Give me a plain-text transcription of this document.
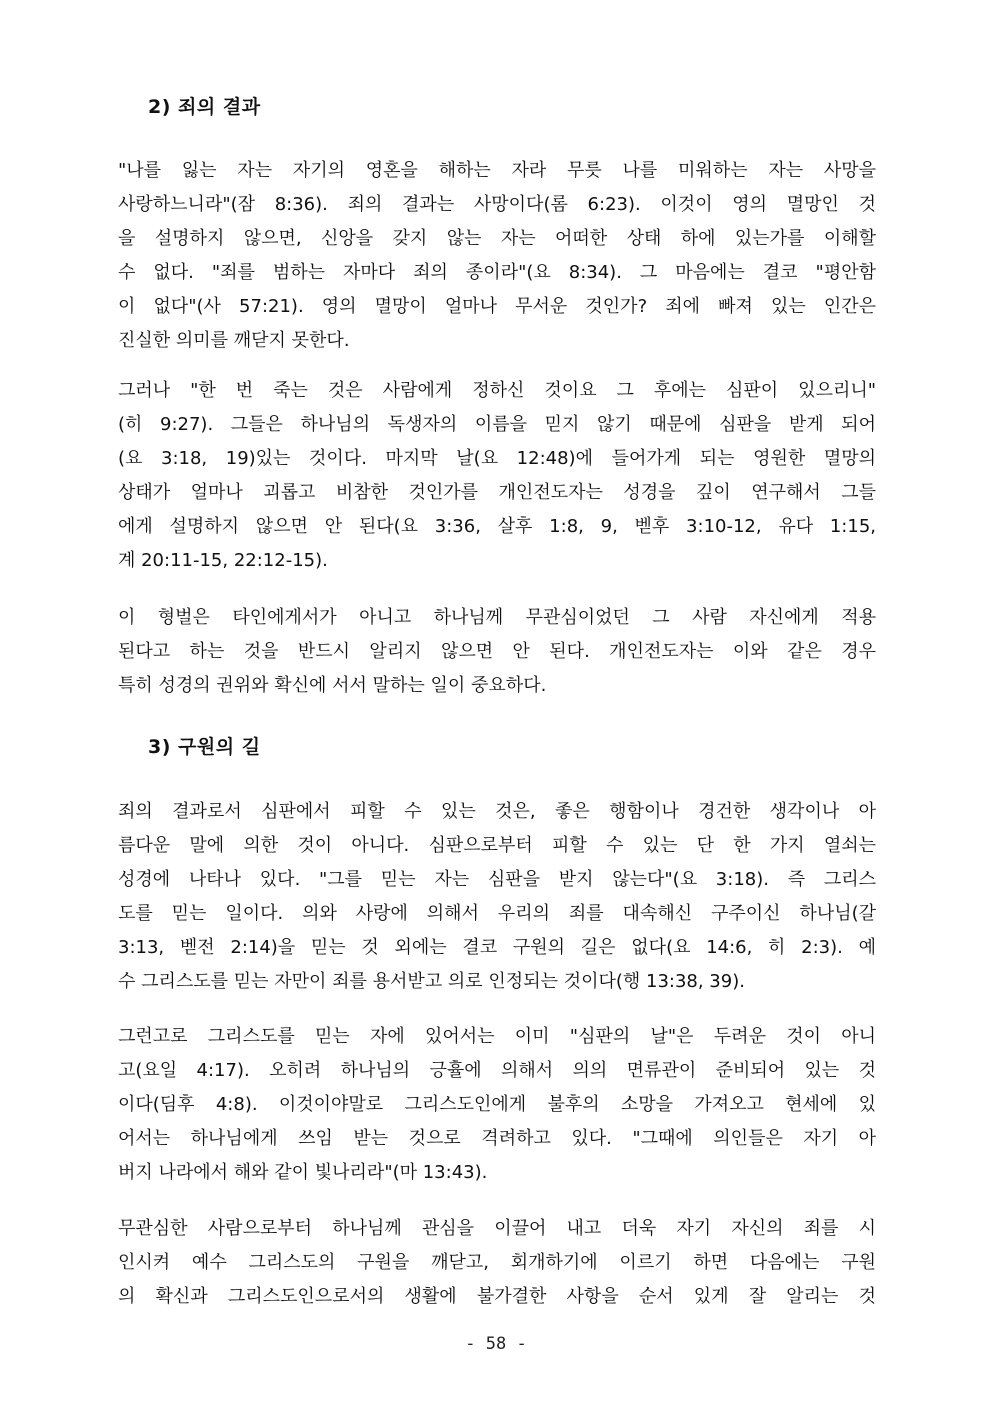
2) 죄의 결과
"나를 잃는 자는 자기의 영혼을 해하는 자라 무릇 나를 미워하는 자는 사망을
사랑하느니라"(잠 8:36). 죄의 결과는 사망이다(롬 6:23). 이것이 영의 멸망인 것
을 설명하지 않으면, 신앙을 갖지 않는 자는 어떠한 상태 하에 있는가를 이해할
수 없다. "죄를 범하는 자마다 죄의 종이라"(요 8:34). 그 마음에는 결코 "평안함
이 없다"(사 57:21). 영의 멸망이 얼마나 무서운 것인가? 죄에 빠져 있는 인간은
진실한 의미를 깨닫지 못한다.
그러나 "한 번 죽는 것은 사람에게 정하신 것이요 그 후에는 심판이 있으리니"
(히 9:27). 그들은 하나님의 독생자의 이름을 믿지 않기 때문에 심판을 받게 되어
(요 3:18, 19)있는 것이다. 마지막 날(요 12:48)에 들어가게 되는 영원한 멸망의
상태가 얼마나 괴롭고 비참한 것인가를 개인전도자는 성경을 깊이 연구해서 그들
에게 설명하지 않으면 안 된다(요 3:36, 살후 1:8, 9, 벧후 3:10-12, 유다 1:15,
계 20:11-15, 22:12-15).
이 형벌은 타인에게서가 아니고 하나님께 무관심이었던 그 사람 자신에게 적용
된다고 하는 것을 반드시 알리지 않으면 안 된다. 개인전도자는 이와 같은 경우
특히 성경의 권위와 확신에 서서 말하는 일이 중요하다.
3) 구원의 길
죄의 결과로서 심판에서 피할 수 있는 것은, 좋은 행함이나 경건한 생각이나 아
름다운 말에 의한 것이 아니다. 심판으로부터 피할 수 있는 단 한 가지 열쇠는
성경에 나타나 있다. "그를 믿는 자는 심판을 받지 않는다"(요 3:18). 즉 그리스
도를 믿는 일이다. 의와 사랑에 의해서 우리의 죄를 대속해신 구주이신 하나님(갈
3:13, 벧전 2:14)을 믿는 것 외에는 결코 구원의 길은 없다(요 14:6, 히 2:3). 예
수 그리스도를 믿는 자만이 죄를 용서받고 의로 인정되는 것이다(행 13:38, 39).
그런고로 그리스도를 믿는 자에 있어서는 이미 "심판의 날"은 두려운 것이 아니
고(요일 4:17). 오히려 하나님의 긍휼에 의해서 의의 면류관이 준비되어 있는 것
이다(딤후 4:8). 이것이야말로 그리스도인에게 불후의 소망을 가져오고 현세에 있
어서는 하나님에게 쓰임 받는 것으로 격려하고 있다. "그때에 의인들은 자기 아
버지 나라에서 해와 같이 빛나리라"(마 13:43).
무관심한 사람으로부터 하나님께 관심을 이끌어 내고 더욱 자기 자신의 죄를 시
인시켜 예수 그리스도의 구원을 깨닫고, 회개하기에 이르기 하면 다음에는 구원
의 확신과 그리스도인으로서의 생활에 불가결한 사항을 순서 있게 잘 알리는 것
- 58 -
